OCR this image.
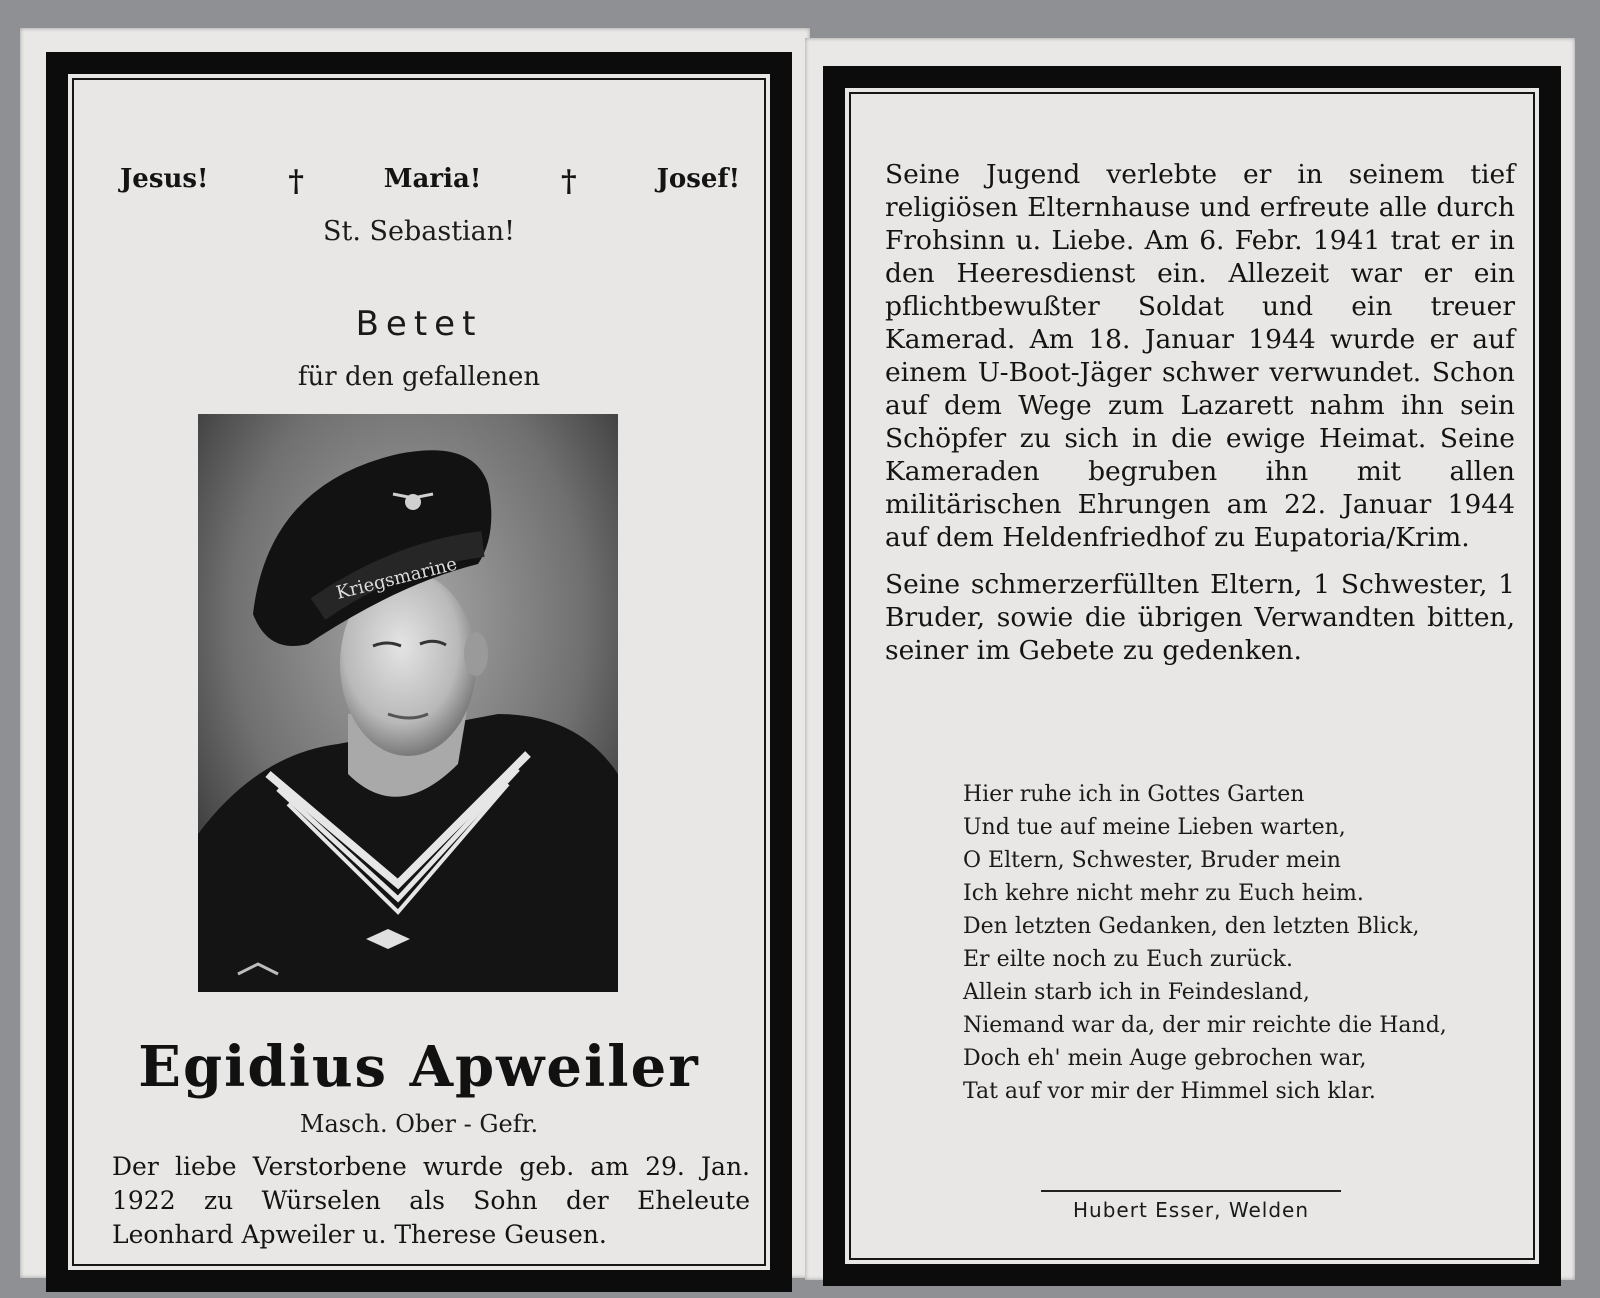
Jesus!	†	Maria!	†	Josef!
St. Sebastian!
Betet
für den gefallenen
Kriegsmarine
Egidius Apweiler
Masch. Ober - Gefr.
Der liebe Verstorbene wurde geb. am 29. Jan. 1922 zu Würselen als Sohn der Eheleute Leonhard Apweiler u. Therese Geusen.

Seine Jugend verlebte er in seinem tief religiösen Elternhause und erfreute alle durch Frohsinn u. Liebe. Am 6. Febr. 1941 trat er in den Heeresdienst ein. Allezeit war er ein pflichtbewußter Soldat und ein treuer Kamerad. Am 18. Januar 1944 wurde er auf einem U-Boot-Jäger schwer verwundet. Schon auf dem Wege zum Lazarett nahm ihn sein Schöpfer zu sich in die ewige Heimat. Seine Kameraden begruben ihn mit allen militärischen Ehrungen am 22. Januar 1944 auf dem Heldenfriedhof zu Eupatoria/Krim.

Seine schmerzerfüllten Eltern, 1 Schwester, 1 Bruder, sowie die übrigen Verwandten bitten, seiner im Gebete zu gedenken.

Hier ruhe ich in Gottes Garten
Und tue auf meine Lieben warten,
O Eltern, Schwester, Bruder mein
Ich kehre nicht mehr zu Euch heim.
Den letzten Gedanken, den letzten Blick,
Er eilte noch zu Euch zurück.
Allein starb ich in Feindesland,
Niemand war da, der mir reichte die Hand,
Doch eh' mein Auge gebrochen war,
Tat auf vor mir der Himmel sich klar.
Hubert Esser, Welden
